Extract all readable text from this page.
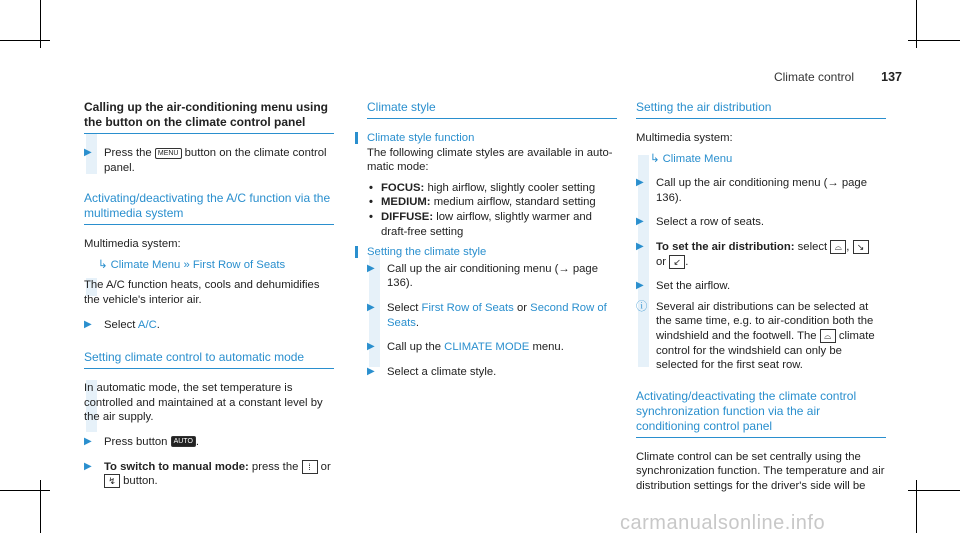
Climate control 137
Calling up the air-conditioning menu using the button on the climate control panel
▶ Press the MENU button on the climate control panel.
Activating/deactivating the A/C function via the multimedia system

Multimedia system:

↳ Climate Menu » First Row of Seats

The A/C function heats, cools and dehumidifies the vehicle's interior air.

▶ Select A/C.
Setting climate control to automatic mode

In automatic mode, the set temperature is controlled and maintained at a constant level by the air supply.

▶ Press button AUTO .
▶ To switch to manual mode: press the ⁞ or
↯ button.
Climate style
Climate style function

The following climate styles are available in auto-matic mode:

• FOCUS: high airflow, slightly cooler setting
• MEDIUM: medium airflow, standard setting
• DIFFUSE: low airflow, slightly warmer and draft-free setting
Setting the climate style
▶ Call up the air conditioning menu (→ page 136).
▶ Select First Row of Seats or Second Row of Seats.
▶ Call up the CLIMATE MODE menu.
▶ Select a climate style.
Setting the air distribution

Multimedia system:

↳ Climate Menu
▶ Call up the air conditioning menu (→ page 136).
▶ Select a row of seats.
▶ To set the air distribution: select ⌓ , ↘
or ↙ .
▶ Set the airflow.
ⓘ Several air distributions can be selected at the same time, e.g. to air-condition both the windshield and the footwell. The ⌓ climate control for the windshield can only be selected for the first seat row.
Activating/deactivating the climate control synchronization function via the air conditioning control panel

Climate control can be set centrally using the synchronization function. The temperature and air distribution settings for the driver's side will be

carmanualsonline.info
